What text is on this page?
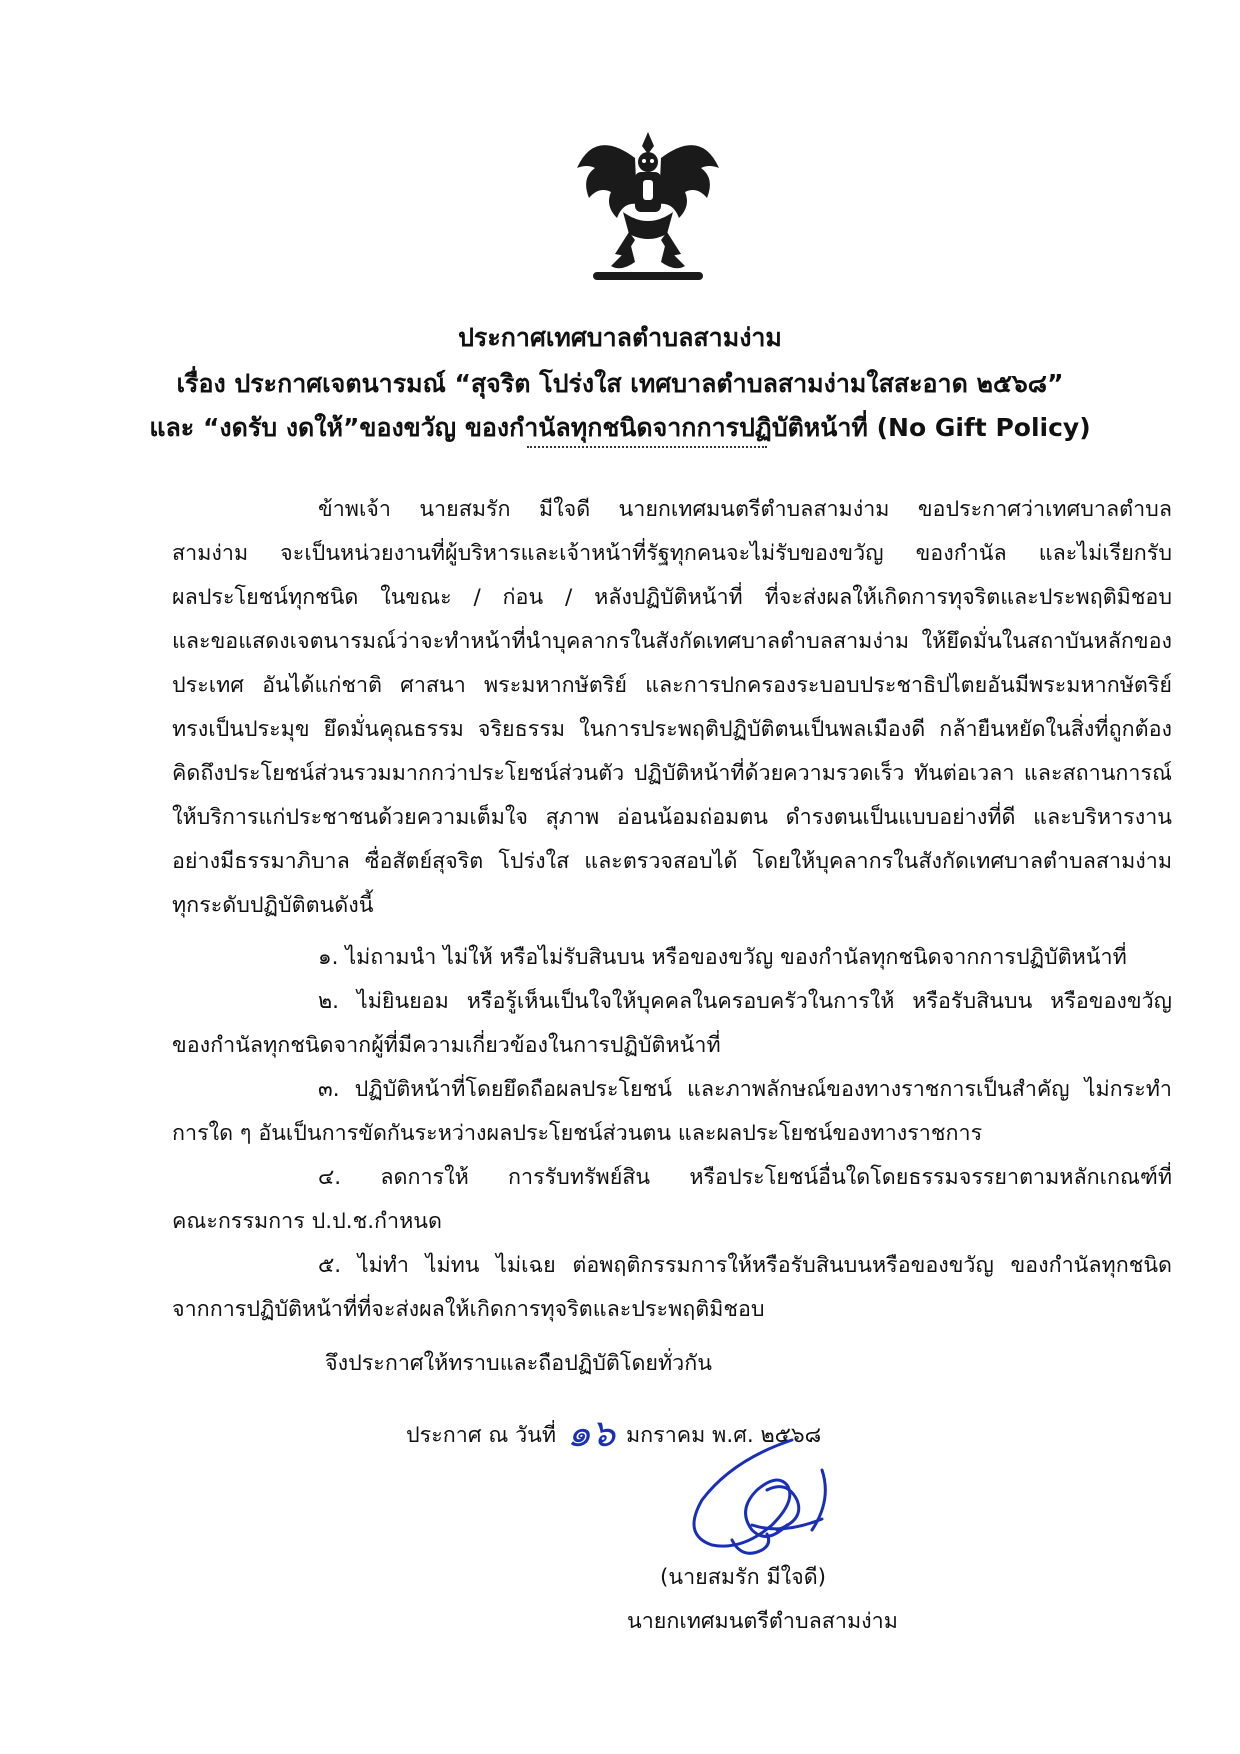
ประกาศเทศบาลตำบลสามง่าม
เรื่อง ประกาศเจตนารมณ์ “สุจริต โปร่งใส เทศบาลตำบลสามง่ามใสสะอาด ๒๕๖๘”
และ “งดรับ งดให้”ของขวัญ ของกำนัลทุกชนิดจากการปฏิบัติหน้าที่ (No Gift Policy)
ข้าพเจ้า นายสมรัก มีใจดี นายกเทศมนตรีตำบลสามง่าม ขอประกาศว่าเทศบาลตำบล
สามง่าม จะเป็นหน่วยงานที่ผู้บริหารและเจ้าหน้าที่รัฐทุกคนจะไม่รับของขวัญ ของกำนัล และไม่เรียกรับ
ผลประโยชน์ทุกชนิด ในขณะ / ก่อน / หลังปฏิบัติหน้าที่ ที่จะส่งผลให้เกิดการทุจริตและประพฤติมิชอบ
และขอแสดงเจตนารมณ์ว่าจะทำหน้าที่นำบุคลากรในสังกัดเทศบาลตำบลสามง่าม ให้ยึดมั่นในสถาบันหลักของ
ประเทศ อันได้แก่ชาติ ศาสนา พระมหากษัตริย์ และการปกครองระบอบประชาธิปไตยอันมีพระมหากษัตริย์
ทรงเป็นประมุข ยึดมั่นคุณธรรม จริยธรรม ในการประพฤติปฏิบัติตนเป็นพลเมืองดี กล้ายืนหยัดในสิ่งที่ถูกต้อง
คิดถึงประโยชน์ส่วนรวมมากกว่าประโยชน์ส่วนตัว ปฏิบัติหน้าที่ด้วยความรวดเร็ว ทันต่อเวลา และสถานการณ์
ให้บริการแก่ประชาชนด้วยความเต็มใจ สุภาพ อ่อนน้อมถ่อมตน ดำรงตนเป็นแบบอย่างที่ดี และบริหารงาน
อย่างมีธรรมาภิบาล ซื่อสัตย์สุจริต โปร่งใส และตรวจสอบได้ โดยให้บุคลากรในสังกัดเทศบาลตำบลสามง่าม
ทุกระดับปฏิบัติตนดังนี้
๑. ไม่ถามนำ ไม่ให้ หรือไม่รับสินบน หรือของขวัญ ของกำนัลทุกชนิดจากการปฏิบัติหน้าที่
๒. ไม่ยินยอม หรือรู้เห็นเป็นใจให้บุคคลในครอบครัวในการให้ หรือรับสินบน หรือของขวัญ
ของกำนัลทุกชนิดจากผู้ที่มีความเกี่ยวข้องในการปฏิบัติหน้าที่
๓. ปฏิบัติหน้าที่โดยยึดถือผลประโยชน์ และภาพลักษณ์ของทางราชการเป็นสำคัญ ไม่กระทำ
การใด ๆ อันเป็นการขัดกันระหว่างผลประโยชน์ส่วนตน และผลประโยชน์ของทางราชการ
๔. ลดการให้ การรับทรัพย์สิน หรือประโยชน์อื่นใดโดยธรรมจรรยาตามหลักเกณฑ์ที่
คณะกรรมการ ป.ป.ช.กำหนด
๕. ไม่ทำ ไม่ทน ไม่เฉย ต่อพฤติกรรมการให้หรือรับสินบนหรือของขวัญ ของกำนัลทุกชนิด
จากการปฏิบัติหน้าที่ที่จะส่งผลให้เกิดการทุจริตและประพฤติมิชอบ
จึงประกาศให้ทราบและถือปฏิบัติโดยทั่วกัน
ประกาศ ณ วันที่ ๑๖ มกราคม พ.ศ. ๒๕๖๘
(นายสมรัก มีใจดี)
นายกเทศมนตรีตำบลสามง่าม
